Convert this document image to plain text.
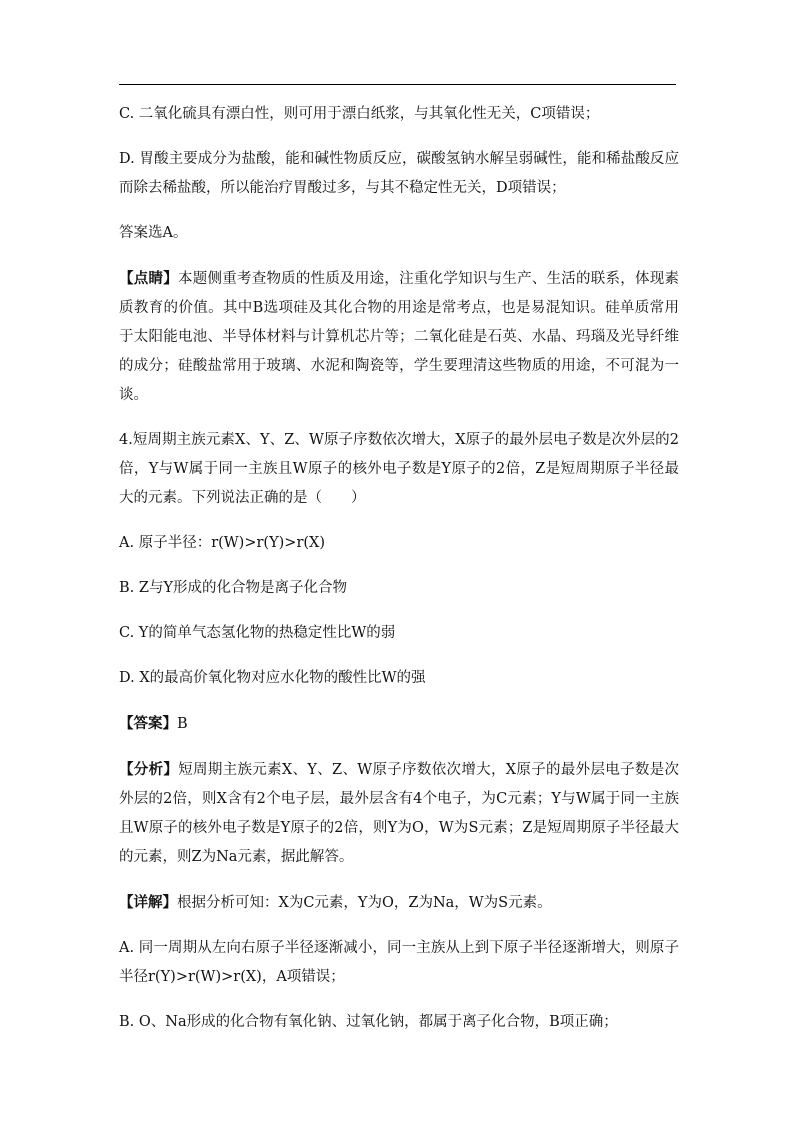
C. 二氧化硫具有漂白性，则可用于漂白纸浆，与其氧化性无关，C项错误；

D. 胃酸主要成分为盐酸，能和碱性物质反应，碳酸氢钠水解呈弱碱性，能和稀盐酸反应而除去稀盐酸，所以能治疗胃酸过多，与其不稳定性无关，D项错误；

答案选A。

【点睛】本题侧重考查物质的性质及用途，注重化学知识与生产、生活的联系，体现素质教育的价值。其中B选项硅及其化合物的用途是常考点，也是易混知识。硅单质常用于太阳能电池、半导体材料与计算机芯片等；二氧化硅是石英、水晶、玛瑙及光导纤维的成分；硅酸盐常用于玻璃、水泥和陶瓷等，学生要理清这些物质的用途，不可混为一谈。

4.短周期主族元素X、Y、Z、W原子序数依次增大，X原子的最外层电子数是次外层的2倍，Y与W属于同一主族且W原子的核外电子数是Y原子的2倍，Z是短周期原子半径最大的元素。下列说法正确的是（　　）

A. 原子半径：r(W)>r(Y)>r(X)

B. Z与Y形成的化合物是离子化合物

C. Y的简单气态氢化物的热稳定性比W的弱

D. X的最高价氧化物对应水化物的酸性比W的强

【答案】B

【分析】短周期主族元素X、Y、Z、W原子序数依次增大，X原子的最外层电子数是次外层的2倍，则X含有2个电子层，最外层含有4个电子，为C元素；Y与W属于同一主族且W原子的核外电子数是Y原子的2倍，则Y为O，W为S元素；Z是短周期原子半径最大的元素，则Z为Na元素，据此解答。

【详解】根据分析可知：X为C元素，Y为O，Z为Na，W为S元素。

A. 同一周期从左向右原子半径逐渐减小，同一主族从上到下原子半径逐渐增大，则原子半径r(Y)>r(W)>r(X)，A项错误；

B. O、Na形成的化合物有氧化钠、过氧化钠，都属于离子化合物，B项正确；
